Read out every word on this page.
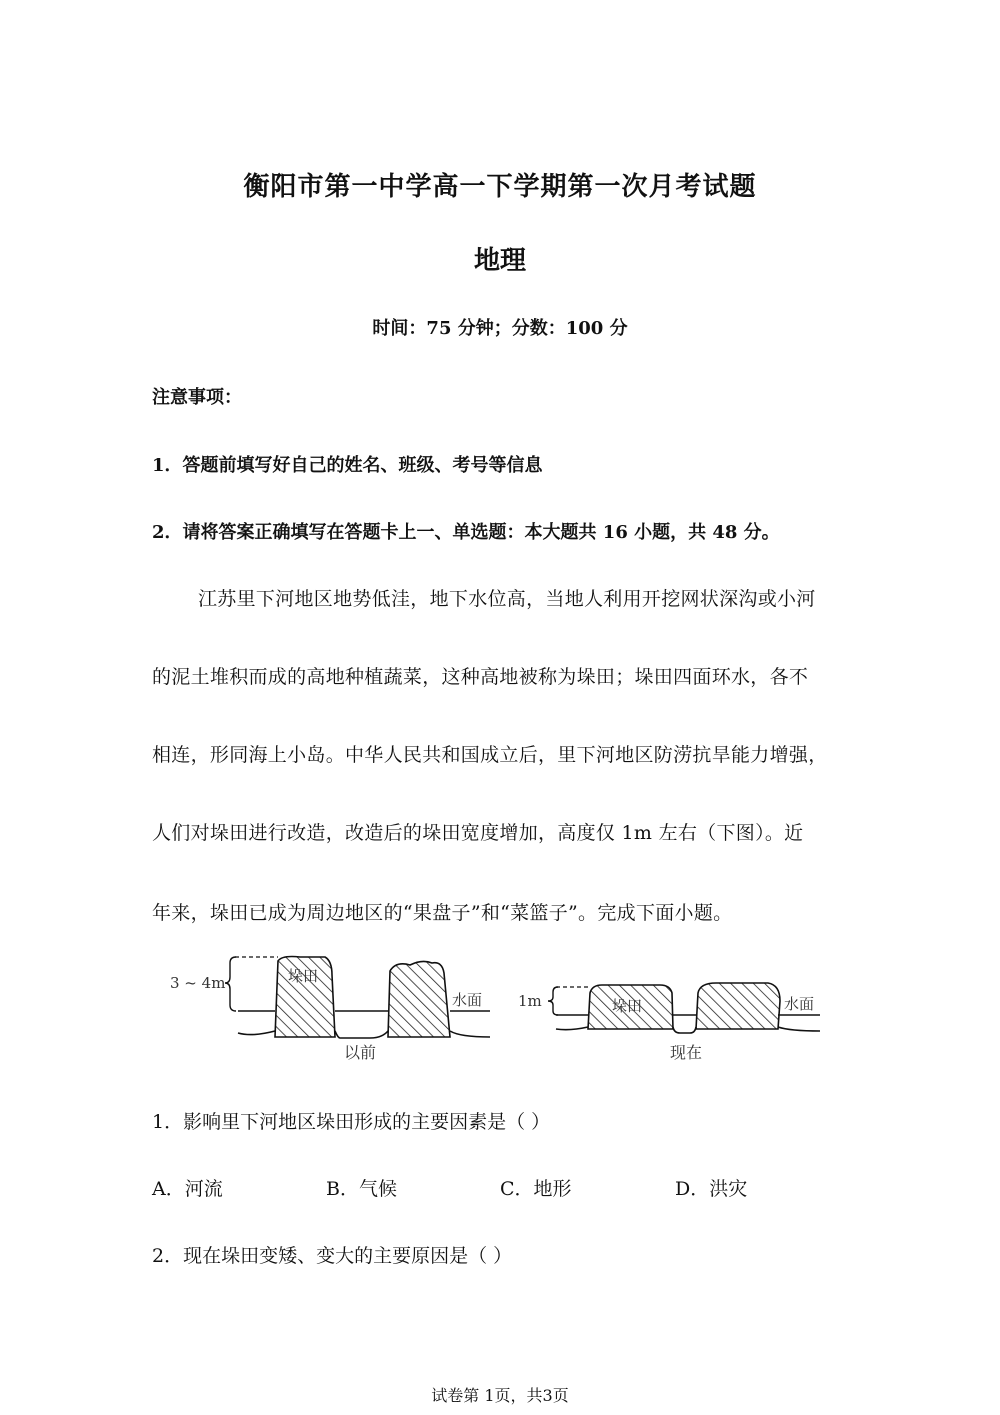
衡阳市第一中学高一下学期第一次月考试题
地理
时间：75 分钟；分数：100 分
注意事项：
1．答题前填写好自己的姓名、班级、考号等信息
2．请将答案正确填写在答题卡上一、单选题：本大题共 16 小题，共 48 分。
江苏里下河地区地势低洼，地下水位高，当地人利用开挖网状深沟或小河
的泥土堆积而成的高地种植蔬菜，这种高地被称为垛田；垛田四面环水，各不
相连，形同海上小岛。中华人民共和国成立后，里下河地区防涝抗旱能力增强，
人们对垛田进行改造，改造后的垛田宽度增加，高度仅 1m 左右（下图）。近
年来，垛田已成为周边地区的“果盘子”和“菜篮子”。完成下面小题。
3 ~ 4m	垛田
水面
以前
1m	垛田	水面
现在
1．影响里下河地区垛田形成的主要因素是（ ）
A．河流	B．气候	C．地形	D．洪灾
2．现在垛田变矮、变大的主要原因是（ ）
试卷第 1页，共3页
